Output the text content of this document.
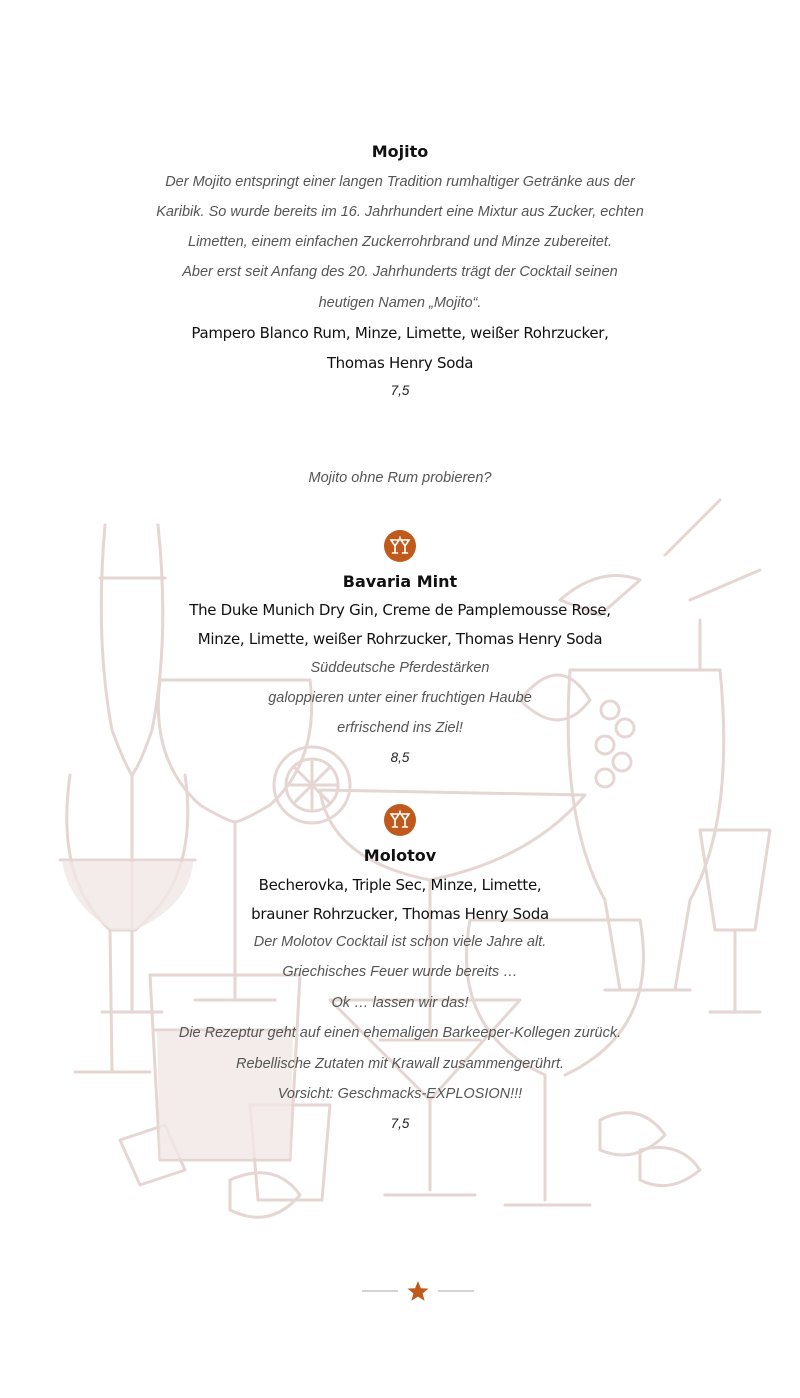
Mojito
Der Mojito entspringt einer langen Tradition rumhaltiger Getränke aus der
Karibik. So wurde bereits im 16. Jahrhundert eine Mixtur aus Zucker, echten
Limetten, einem einfachen Zuckerrohrbrand und Minze zubereitet.
Aber erst seit Anfang des 20. Jahrhunderts trägt der Cocktail seinen
heutigen Namen „Mojito“.
Pampero Blanco Rum, Minze, Limette, weißer Rohrzucker,
Thomas Henry Soda
7,5
Mojito ohne Rum probieren?
Bavaria Mint
The Duke Munich Dry Gin, Creme de Pamplemousse Rose,
Minze, Limette, weißer Rohrzucker, Thomas Henry Soda
Süddeutsche Pferdestärken
galoppieren unter einer fruchtigen Haube
erfrischend ins Ziel!
8,5
Molotov
Becherovka, Triple Sec, Minze, Limette,
brauner Rohrzucker, Thomas Henry Soda
Der Molotov Cocktail ist schon viele Jahre alt.
Griechisches Feuer wurde bereits …
Ok … lassen wir das!
Die Rezeptur geht auf einen ehemaligen Barkeeper-Kollegen zurück.
Rebellische Zutaten mit Krawall zusammengerührt.
Vorsicht: Geschmacks-EXPLOSION!!!
7,5
